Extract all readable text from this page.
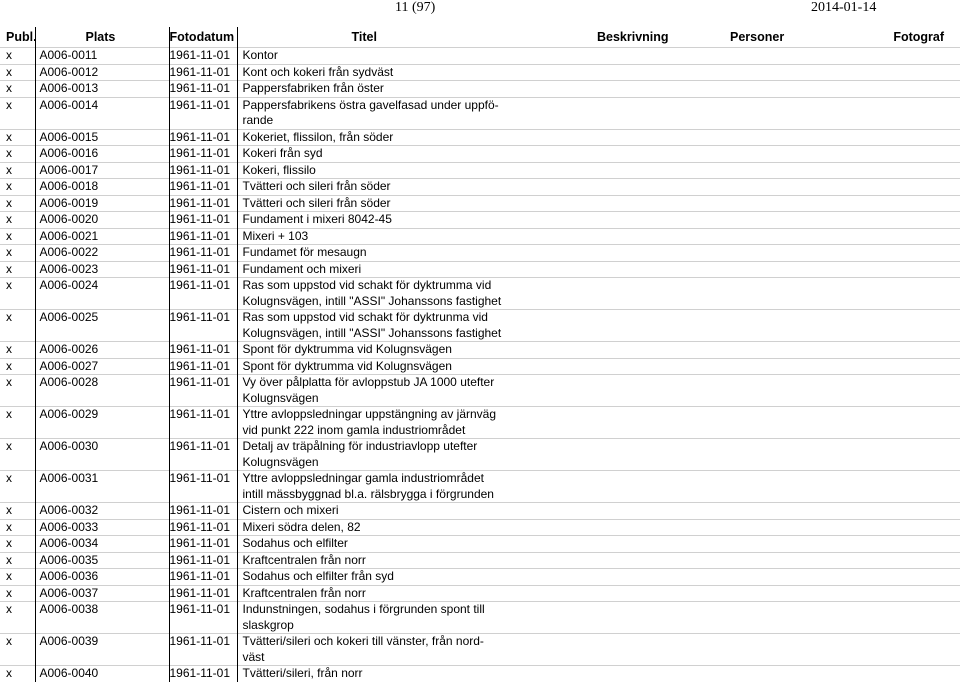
11 (97)	2014-01-14
Publ.	Plats	Fotodatum	Titel	Beskrivning	Personer	Fotograf
x	A006-0011	1961-11-01	Kontor			

x	A006-0012	1961-11-01	Kont och kokeri från sydväst			

x	A006-0013	1961-11-01	Pappersfabriken från öster			

x	A006-0014	1961-11-01	Pappersfabrikens östra gavelfasad under uppfö-
rande			

x	A006-0015	1961-11-01	Kokeriet, flissilon, från söder			

x	A006-0016	1961-11-01	Kokeri från syd			

x	A006-0017	1961-11-01	Kokeri, flissilo			

x	A006-0018	1961-11-01	Tvätteri och sileri från söder			

x	A006-0019	1961-11-01	Tvätteri och sileri från söder			

x	A006-0020	1961-11-01	Fundament i mixeri 8042-45			

x	A006-0021	1961-11-01	Mixeri + 103			

x	A006-0022	1961-11-01	Fundamet för mesaugn			

x	A006-0023	1961-11-01	Fundament och mixeri			

x	A006-0024	1961-11-01	Ras som uppstod vid schakt för dyktrumma vid
Kolugnsvägen, intill "ASSI" Johanssons fastighet			

x	A006-0025	1961-11-01	Ras som uppstod vid schakt för dyktrunma vid
Kolugnsvägen, intill "ASSI" Johanssons fastighet			

x	A006-0026	1961-11-01	Spont för dyktrumma vid Kolugnsvägen			

x	A006-0027	1961-11-01	Spont för dyktrumma vid Kolugnsvägen			

x	A006-0028	1961-11-01	Vy över pålplatta för avloppstub JA 1000 utefter
Kolugnsvägen			

x	A006-0029	1961-11-01	Yttre avloppsledningar uppstängning av järnväg
vid punkt 222 inom gamla industriområdet			

x	A006-0030	1961-11-01	Detalj av träpålning för industriavlopp utefter
Kolugnsvägen			

x	A006-0031	1961-11-01	Yttre avloppsledningar gamla industriområdet
intill mässbyggnad bl.a. rälsbrygga i förgrunden			

x	A006-0032	1961-11-01	Cistern och mixeri			

x	A006-0033	1961-11-01	Mixeri södra delen, 82			

x	A006-0034	1961-11-01	Sodahus och elfilter			

x	A006-0035	1961-11-01	Kraftcentralen från norr			

x	A006-0036	1961-11-01	Sodahus och elfilter från syd			

x	A006-0037	1961-11-01	Kraftcentralen från norr			

x	A006-0038	1961-11-01	Indunstningen, sodahus i förgrunden spont till
slaskgrop			

x	A006-0039	1961-11-01	Tvätteri/sileri och kokeri till vänster, från nord-
väst			

x	A006-0040	1961-11-01	Tvätteri/sileri, från norr			
